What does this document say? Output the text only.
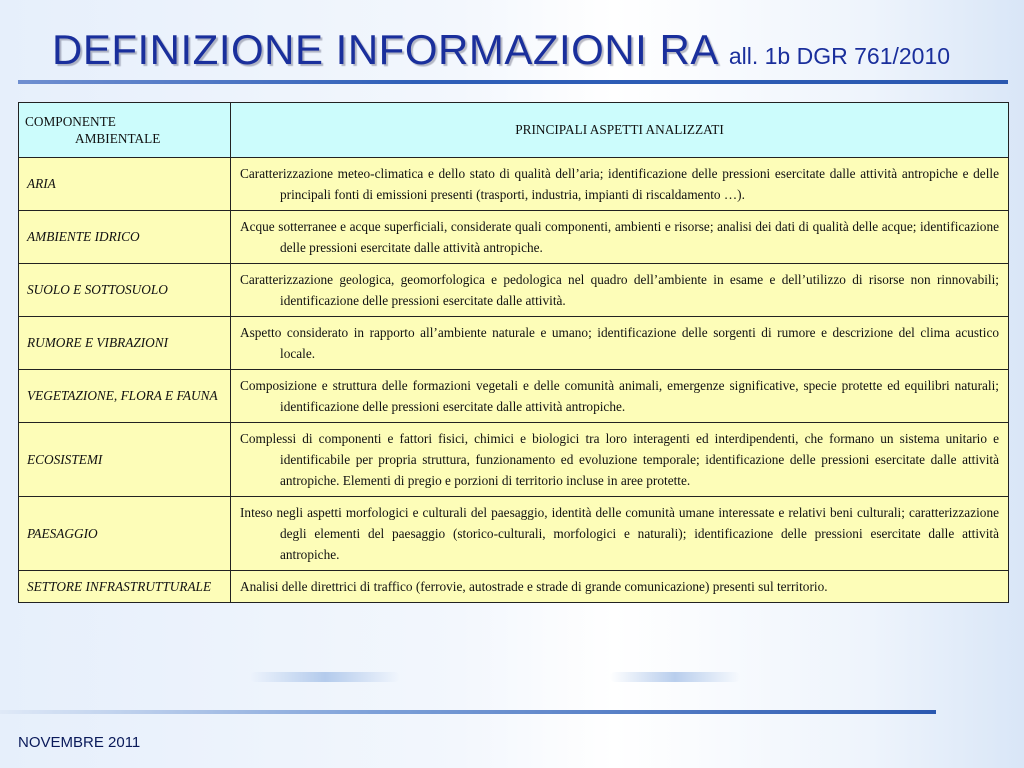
DEFINIZIONE INFORMAZIONI RA all. 1b DGR 761/2010
COMPONENTE
AMBIENTALE	PRINCIPALI ASPETTI ANALIZZATI
ARIA	Caratterizzazione meteo-climatica e dello stato di qualità dell’aria; identificazione delle pressioni esercitate dalle attività antropiche e delle principali fonti di emissioni presenti (trasporti, industria, impianti di riscaldamento …).
AMBIENTE IDRICO	Acque sotterranee e acque superficiali, considerate quali componenti, ambienti e risorse; analisi dei dati di qualità delle acque; identificazione delle pressioni esercitate dalle attività antropiche.
SUOLO E SOTTOSUOLO	Caratterizzazione geologica, geomorfologica e pedologica nel quadro dell’ambiente in esame e dell’utilizzo di risorse non rinnovabili; identificazione delle pressioni esercitate dalle attività.
RUMORE E VIBRAZIONI	Aspetto considerato in rapporto all’ambiente naturale e umano; identificazione delle sorgenti di rumore e descrizione del clima acustico locale.
VEGETAZIONE, FLORA E FAUNA	Composizione e struttura delle formazioni vegetali e delle comunità animali, emergenze significative, specie protette ed equilibri naturali; identificazione delle pressioni esercitate dalle attività antropiche.
ECOSISTEMI	Complessi di componenti e fattori fisici, chimici e biologici tra loro interagenti ed interdipendenti, che formano un sistema unitario e identificabile per propria struttura, funzionamento ed evoluzione temporale; identificazione delle pressioni esercitate dalle attività antropiche. Elementi di pregio e porzioni di territorio incluse in aree protette.
PAESAGGIO	Inteso negli aspetti morfologici e culturali del paesaggio, identità delle comunità umane interessate e relativi beni culturali; caratterizzazione degli elementi del paesaggio (storico-culturali, morfologici e naturali); identificazione delle pressioni esercitate dalle attività antropiche.
SETTORE INFRASTRUTTURALE	Analisi delle direttrici di traffico (ferrovie, autostrade e strade di grande comunicazione) presenti sul territorio.
NOVEMBRE 2011
